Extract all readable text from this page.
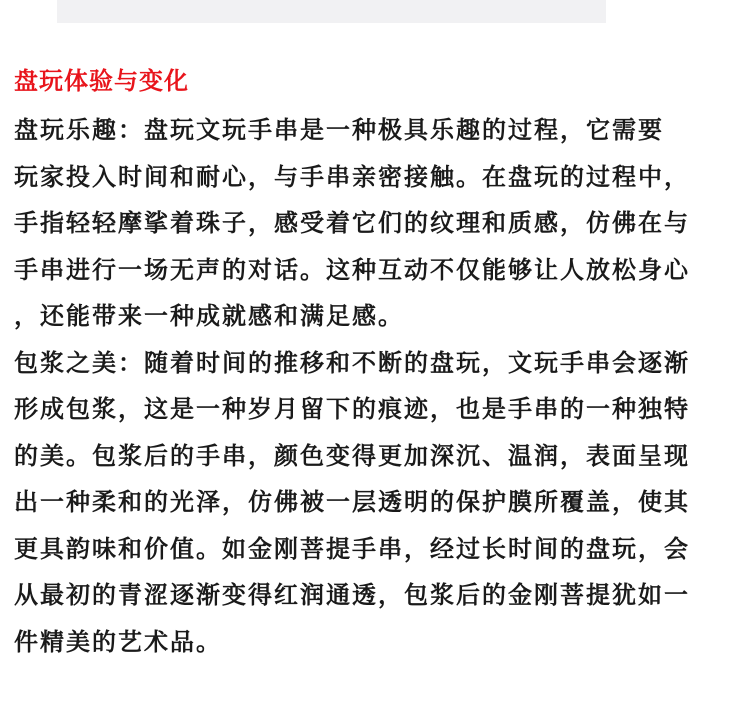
盘玩体验与变化
盘玩乐趣：盘玩文玩手串是一种极具乐趣的过程，它需要
玩家投入时间和耐心，与手串亲密接触。在盘玩的过程中，
手指轻轻摩挲着珠子，感受着它们的纹理和质感，仿佛在与
手串进行一场无声的对话。这种互动不仅能够让人放松身心
，还能带来一种成就感和满足感。
包浆之美：随着时间的推移和不断的盘玩，文玩手串会逐渐
形成包浆，这是一种岁月留下的痕迹，也是手串的一种独特
的美。包浆后的手串，颜色变得更加深沉、温润，表面呈现
出一种柔和的光泽，仿佛被一层透明的保护膜所覆盖，使其
更具韵味和价值。如金刚菩提手串，经过长时间的盘玩，会
从最初的青涩逐渐变得红润通透，包浆后的金刚菩提犹如一
件精美的艺术品。
